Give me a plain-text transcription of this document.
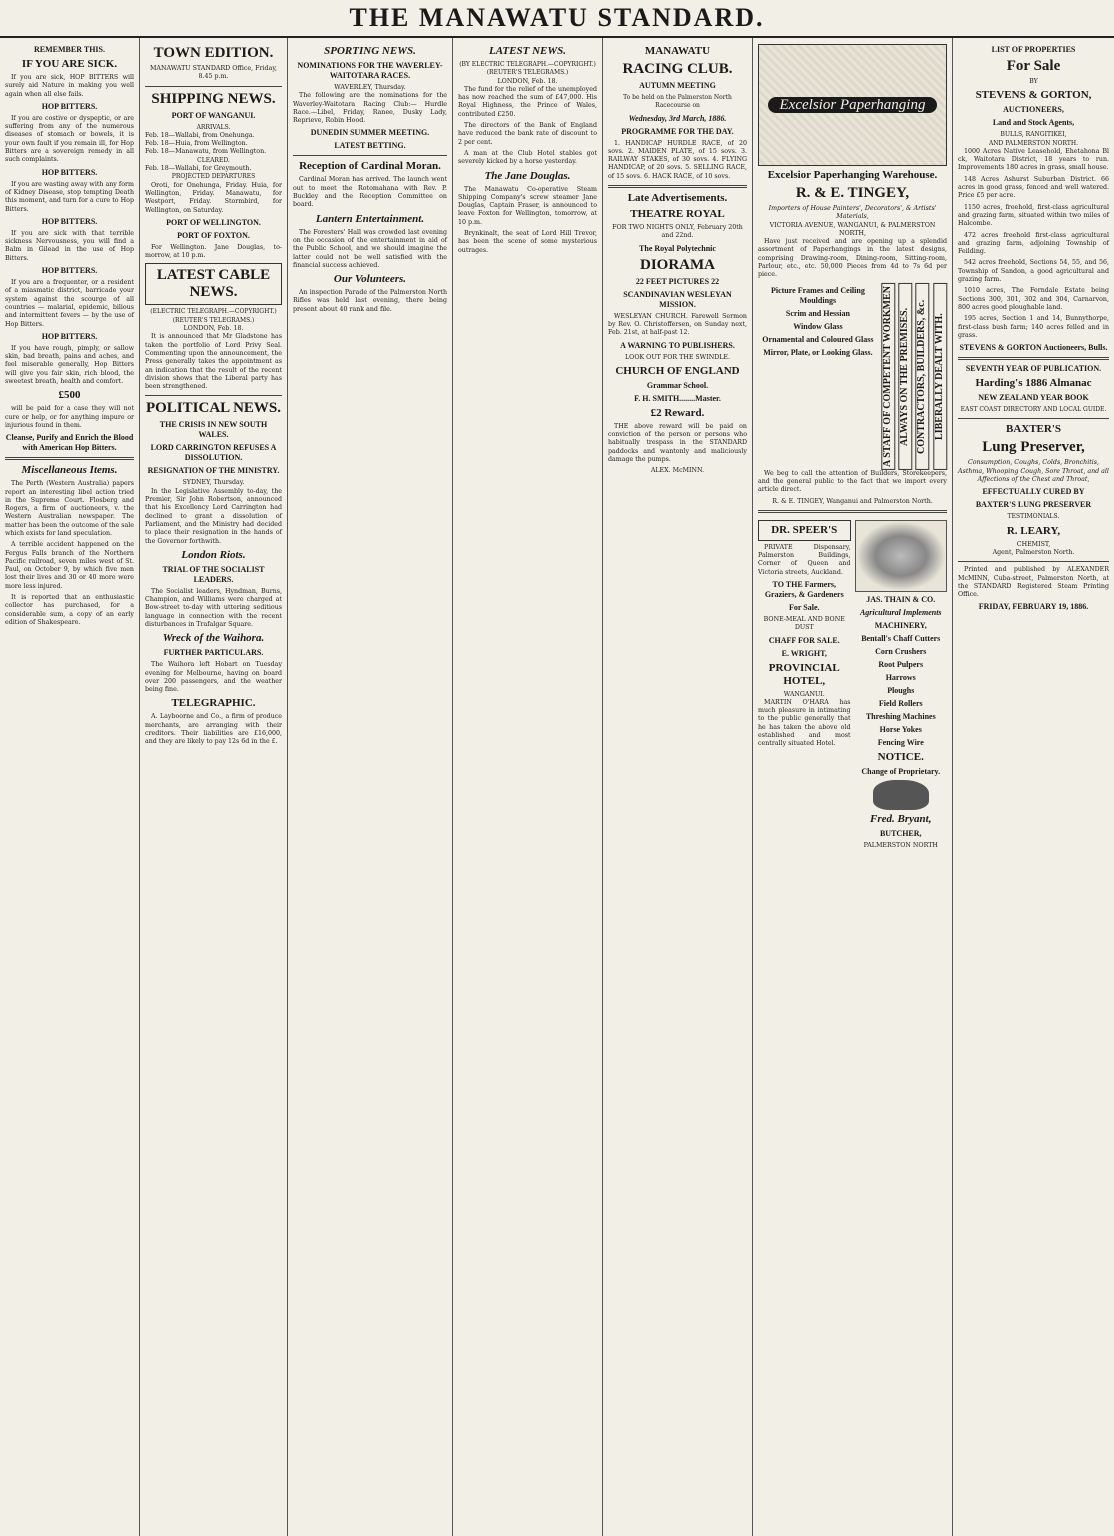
THE MANAWATU STANDARD.
REMEMBER THIS.
IF YOU ARE SICK.

If you are sick, HOP BITTERS will surely aid Nature in making you well again when all else fails.

HOP BITTERS.

If you are costive or dyspeptic, or are suffering from any of the numerous diseases of stomach or bowels, it is your own fault if you remain ill, for Hop Bitters are a sovereign remedy in all such complaints.

HOP BITTERS.

If you are wasting away with any form of Kidney Disease, stop tempting Death this moment, and turn for a cure to Hop Bitters.

HOP BITTERS.

If you are sick with that terrible sickness Nervousness, you will find a Balm in Gilead in the use of Hop Bitters.

HOP BITTERS.

If you are a frequenter, or a resident of a miasmatic district, barricade your system against the scourge of all countries — malarial, epidemic, bilious and intermittent fevers — by the use of Hop Bitters.

HOP BITTERS.

If you have rough, pimply, or sallow skin, bad breath, pains and aches, and feel miserable generally, Hop Bitters will give you fair skin, rich blood, the sweetest breath, health and comfort.

£500

will be paid for a case they will not cure or help, or for anything impure or injurious found in them.

Cleanse, Purify and Enrich the Blood with American Hop Bitters.
Miscellaneous Items.

The Perth (Western Australia) papers report an interesting libel action tried in the Supreme Court. Flosberg and Rogers, a firm of auctioneers, v. the Western Australian newspaper. The matter has been the outcome of the sale which exists for land speculation.

A terrible accident happened on the Fergus Falls branch of the Northern Pacific railroad, seven miles west of St. Paul, on October 9, by which five men lost their lives and 30 or 40 more were more less injured.

It is reported that an enthusiastic collector has purchased, for a considerable sum, a copy of an early edition of Shakespeare.

TOWN EDITION.
MANAWATU STANDARD Office, Friday, 8.45 p.m.
SHIPPING NEWS.
PORT OF WANGANUI.
ARRIVALS.
Feb. 18—Wallabi, from Onehunga.
Feb. 18—Huia, from Wellington.
Feb. 18—Manawatu, from Wellington.
CLEARED.
Feb. 18—Wallabi, for Greymouth.
PROJECTED DEPARTURES

Oroti, for Onehunga, Friday. Huia, for Wellington, Friday. Manawatu, for Westport, Friday. Stormbird, for Wellington, on Saturday.

PORT OF WELLINGTON.
PORT OF FOXTON.

For Wellington. Jane Douglas, to-morrow, at 10 p.m.

LATEST CABLE NEWS.
(ELECTRIC TELEGRAPH.—COPYRIGHT.) (REUTER'S TELEGRAMS.)
LONDON, Feb. 18.

It is announced that Mr Gladstone has taken the portfolio of Lord Privy Seal. Commenting upon the announcement, the Press generally takes the appointment as an indication that the result of the recent division shows that the Liberal party has been strengthened.

POLITICAL NEWS.
THE CRISIS IN NEW SOUTH WALES.
LORD CARRINGTON REFUSES A DISSOLUTION.
RESIGNATION OF THE MINISTRY.
SYDNEY, Thursday.

In the Legislative Assembly to-day, the Premier, Sir John Robertson, announced that his Excellency Lord Carrington had declined to grant a dissolution of Parliament, and the Ministry had decided to place their resignation in the hands of the Governor forthwith.

London Riots.
TRIAL OF THE SOCIALIST LEADERS.

The Socialist leaders, Hyndman, Burns, Champion, and Williams were charged at Bow-street to-day with uttering seditious language in connection with the recent disturbances in Trafalgar Square.

Wreck of the Waihora.
FURTHER PARTICULARS.

The Waihora left Hobart on Tuesday evening for Melbourne, having on board over 200 passengers, and the weather being fine.

TELEGRAPHIC.

A. Layboorne and Co., a firm of produce merchants, are arranging with their creditors. Their liabilities are £16,000, and they are likely to pay 12s 6d in the £.

SPORTING NEWS.
NOMINATIONS FOR THE WAVERLEY-WAITOTARA RACES.
WAVERLEY, Thursday.

The following are the nominations for the Waverley-Waitotara Racing Club:— Hurdle Race.—Libel, Friday, Ranee, Dusky Lady, Reprieve, Robin Hood.

DUNEDIN SUMMER MEETING.
LATEST BETTING.
Reception of Cardinal Moran.

Cardinal Moran has arrived. The launch went out to meet the Rotomahana with Rev. P. Buckley and the Reception Committee on board.

Lantern Entertainment.

The Foresters' Hall was crowded last evening on the occasion of the entertainment in aid of the Public School, and we should imagine the latter could not be well satisfied with the financial success achieved.

Our Volunteers.

An inspection Parade of the Palmerston North Rifles was held last evening, there being present about 40 rank and file.

LATEST NEWS.
(BY ELECTRIC TELEGRAPH.—COPYRIGHT.) (REUTER'S TELEGRAMS.)
LONDON, Feb. 18.

The fund for the relief of the unemployed has now reached the sum of £47,000. His Royal Highness, the Prince of Wales, contributed £250.

The directors of the Bank of England have reduced the bank rate of discount to 2 per cent.

A man at the Club Hotel stables got severely kicked by a horse yesterday.

The Jane Douglas.

The Manawatu Co-operative Steam Shipping Company's screw steamer Jane Douglas, Captain Fraser, is announced to leave Foxton for Wellington, tomorrow, at 10 p.m.

Brynkinalt, the seat of Lord Hill Trevor, has been the scene of some mysterious outrages.

MANAWATU
RACING CLUB.
AUTUMN MEETING
To be held on the Palmerston North Racecourse on
Wednesday, 3rd March, 1886.
PROGRAMME FOR THE DAY.

1. HANDICAP HURDLE RACE, of 20 sovs. 2. MAIDEN PLATE, of 15 sovs. 3. RAILWAY STAKES, of 30 sovs. 4. FLYING HANDICAP, of 20 sovs. 5. SELLING RACE, of 15 sovs. 6. HACK RACE, of 10 sovs.

Late Advertisements.
THEATRE ROYAL
FOR TWO NIGHTS ONLY, February 20th and 22nd.
The Royal Polytechnic
DIORAMA
22 FEET PICTURES 22
SCANDINAVIAN WESLEYAN MISSION.

WESLEYAN CHURCH. Farewell Sermon by Rev. O. Christoffersen, on Sunday next, Feb. 21st, at half-past 12.

A WARNING TO PUBLISHERS.
LOOK OUT FOR THE SWINDLE.
CHURCH OF ENGLAND
Grammar School.
F. H. SMITH........Master.
£2 Reward.

THE above reward will be paid on conviction of the person or persons who habitually trespass in the STANDARD paddocks and wantonly and maliciously damage the pumps.

ALEX. McMINN.
Excelsior Paperhanging
Excelsior Paperhanging Warehouse.
R. & E. TINGEY,
Importers of House Painters', Decorators', & Artists' Materials,
VICTORIA AVENUE, WANGANUI, & PALMERSTON NORTH,

Have just received and are opening up a splendid assortment of Paperhangings in the latest designs, comprising Drawing-room, Dining-room, Sitting-room, Parlour, etc., etc. 50,000 Pieces from 4d to 7s 6d per piece.

Picture Frames and Ceiling Mouldings
Scrim and Hessian
Window Glass
Ornamental and Coloured Glass
Mirror, Plate, or Looking Glass. A STAFF OF COMPETENT WORKMEN ALWAYS ON THE PREMISES. CONTRACTORS, BUILDERS, &c. LIBERALLY DEALT WITH.

We beg to call the attention of Builders, Storekeepers, and the general public to the fact that we import every article direct.

R. & E. TINGEY, Wanganui and Palmerston North.
DR. SPEER'S

PRIVATE Dispensary, Palmerston Buildings, Corner of Queen and Victoria streets, Auckland.

TO THE Farmers, Graziers, & Gardeners
For Sale.
BONE-MEAL AND BONE DUST
CHAFF FOR SALE.
E. WRIGHT,
PROVINCIAL HOTEL,
WANGANUI.

MARTIN O'HARA has much pleasure in intimating to the public generally that he has taken the above old established and most centrally situated Hotel.

JAS. THAIN & CO.
Agricultural Implements
MACHINERY,
Bentall's Chaff Cutters
Corn Crushers
Root Pulpers
Harrows
Ploughs
Field Rollers
Threshing Machines
Horse Yokes
Fencing Wire
NOTICE.
Change of Proprietary.
Fred. Bryant,
BUTCHER,
PALMERSTON NORTH
LIST OF PROPERTIES
For Sale
BY
STEVENS & GORTON,
AUCTIONEERS,
Land and Stock Agents,
BULLS, RANGITIKEI,
AND PALMERSTON NORTH.

1000 Acres Native Leasehold, Ehetahona Bl ck, Waitotara District, 18 years to run. Improvements 180 acres in grass, small house.

148 Acres Ashurst Suburban District. 66 acres in good grass, fenced and well watered. Price £5 per acre.

1150 acres, freehold, first-class agricultural and grazing farm, situated within two miles of Halcombe.

472 acres freehold first-class agricultural and grazing farm, adjoining Township of Feilding.

542 acres freehold, Sections 54, 55, and 56, Township of Sandon, a good agricultural and grazing farm.

1010 acres, The Ferndale Estate being Sections 300, 301, 302 and 304, Carnarvon, 800 acres good ploughable land.

195 acres, Section 1 and 14, Bunnythorpe, first-class bush farm; 140 acres felled and in grass.

STEVENS & GORTON Auctioneers, Bulls.
SEVENTH YEAR OF PUBLICATION.
Harding's 1886 Almanac
NEW ZEALAND YEAR BOOK
EAST COAST DIRECTORY AND LOCAL GUIDE.
BAXTER'S
Lung Preserver,
Consumption, Coughs, Colds, Bronchitis, Asthma, Whooping Cough, Sore Throat, and all Affections of the Chest and Throat,
EFFECTUALLY CURED BY
BAXTER'S LUNG PRESERVER
TESTIMONIALS.
R. LEARY,
CHEMIST,
Agent, Palmerston North.

Printed and published by ALEXANDER McMINN, Cuba-street, Palmerston North, at the STANDARD Registered Steam Printing Office.

FRIDAY, FEBRUARY 19, 1886.
